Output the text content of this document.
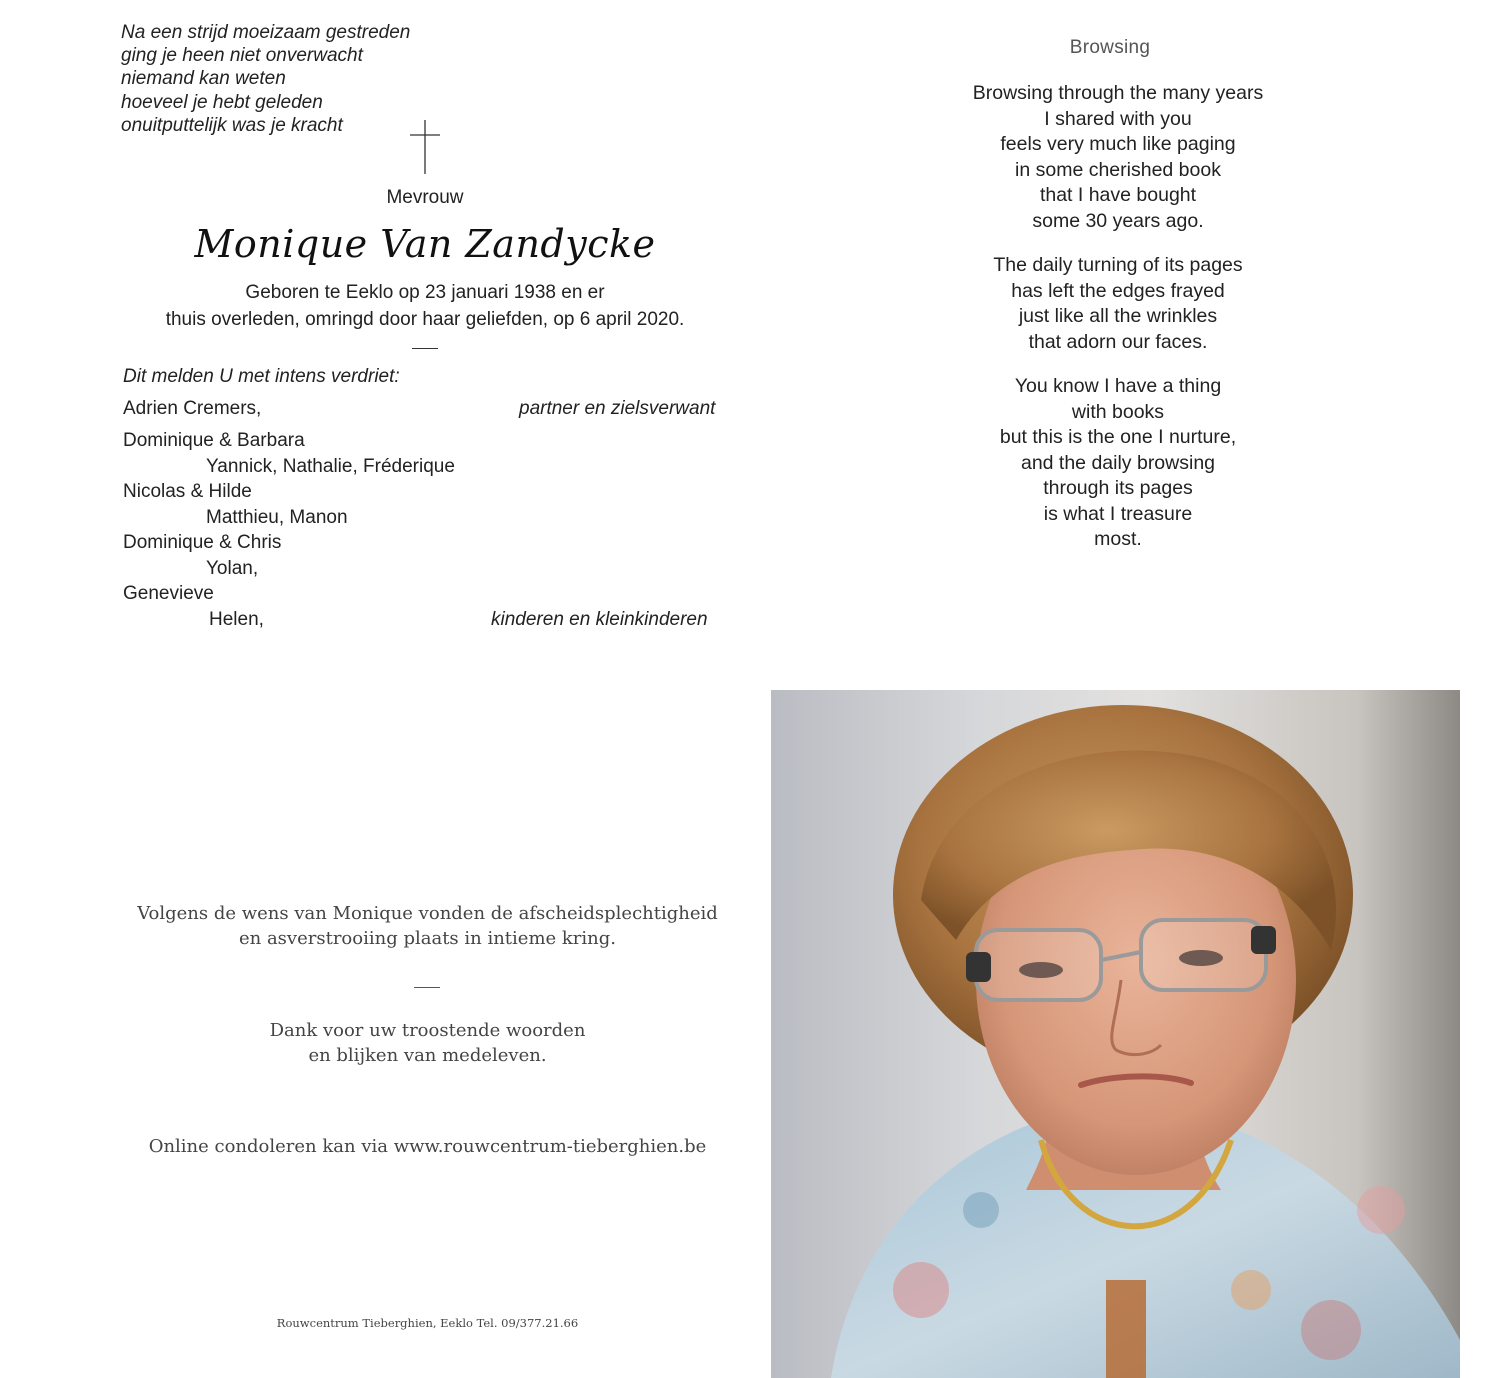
Na een strijd moeizaam gestreden
ging je heen niet onverwacht
niemand kan weten
hoeveel je hebt geleden
onuitputtelijk was je kracht
Mevrouw
Monique Van Zandycke
Geboren te Eeklo op 23 januari 1938 en er
thuis overleden, omringd door haar geliefden, op 6 april 2020.
Dit melden U met intens verdriet:
Adrien Cremers,	partner en zielsverwant
Dominique & Barbara
Yannick, Nathalie, Fréderique
Nicolas & Hilde
Matthieu, Manon
Dominique & Chris
Yolan,
Genevieve
Helen,	kinderen en kleinkinderen
Browsing
Browsing through the many years
I shared with you
feels very much like paging
in some cherished book
that I have bought
some 30 years ago.
The daily turning of its pages
has left the edges frayed
just like all the wrinkles
that adorn our faces.
You know I have a thing
with books
but this is the one I nurture,
and the daily browsing
through its pages
is what I treasure
most.
Volgens de wens van Monique vonden de afscheidsplechtigheid
en asverstrooiing plaats in intieme kring.
Dank voor uw troostende woorden
en blijken van medeleven.
Online condoleren kan via www.rouwcentrum-tieberghien.be
Rouwcentrum Tieberghien, Eeklo Tel. 09/377.21.66
